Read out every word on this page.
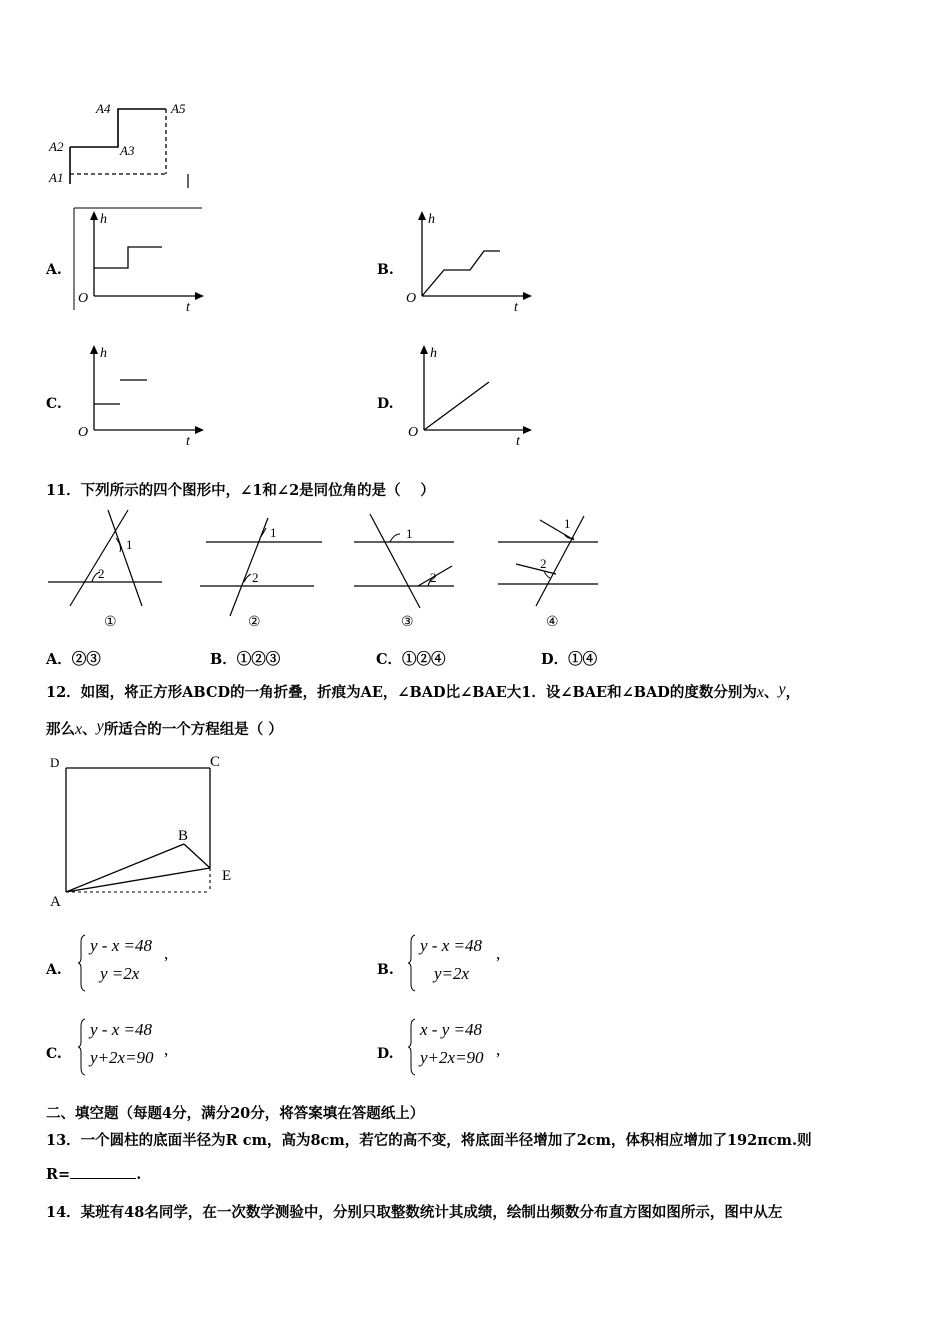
A4	A5
A2	A3
A1
A.
h
O
t
B.
h
O
t
C.
h
O
t
D.
h
O
t
11．下列所示的四个图形中，∠1和∠2是同位角的是（　 ）
1
2
①
1
2
②
1
2
③
1
2
④
A．②③	B．①②③	C．①②④	D．①④
12．如图，将正方形ABCD的一角折叠，折痕为AE，∠BAD比∠BAE大1．设∠BAE和∠BAD的度数分别为x、y，
那么x、y所适合的一个方程组是（ ）
D	C
B
E
A
A.
y - x =48
y =2x
,
B.
y - x =48
y=2x
,
C.
y - x =48
y+2x=90 ,	D.
x - y =48
y+2x=90 ,
二、填空题（每题4分，满分20分，将答案填在答题纸上）
13．一个圆柱的底面半径为R cm，高为8cm，若它的高不变，将底面半径增加了2cm，体积相应增加了192πcm.则
R=	.
14．某班有48名同学，在一次数学测验中，分别只取整数统计其成绩，绘制出频数分布直方图如图所示，图中从左
